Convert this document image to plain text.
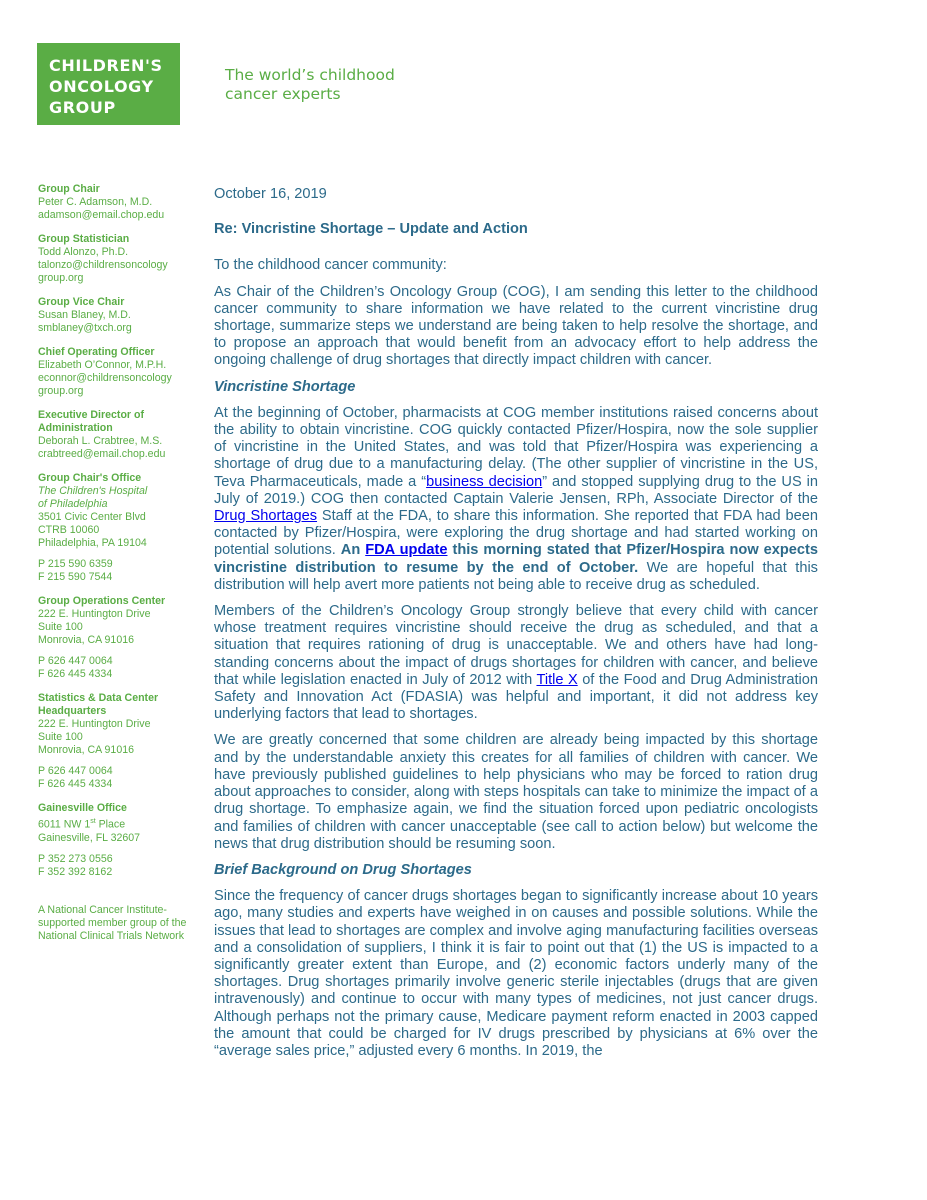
CHILDREN'S
ONCOLOGY
GROUP
The world’s childhood
cancer experts
Group Chair
Peter C. Adamson, M.D.
adamson@email.chop.edu
Group Statistician
Todd Alonzo, Ph.D.
talonzo@childrensoncology
group.org
Group Vice Chair
Susan Blaney, M.D.
smblaney@txch.org
Chief Operating Officer
Elizabeth O’Connor, M.P.H.
econnor@childrensoncology
group.org
Executive Director of
Administration
Deborah L. Crabtree, M.S.
crabtreed@email.chop.edu
Group Chair's Office
The Children's Hospital
of Philadelphia
3501 Civic Center Blvd
CTRB 10060
Philadelphia, PA 19104
P 215 590 6359
F 215 590 7544
Group Operations Center
222 E. Huntington Drive
Suite 100
Monrovia, CA 91016
P 626 447 0064
F 626 445 4334
Statistics & Data Center
Headquarters
222 E. Huntington Drive
Suite 100
Monrovia, CA 91016
P 626 447 0064
F 626 445 4334
Gainesville Office
6011 NW 1st Place
Gainesville, FL 32607
P 352 273 0556
F 352 392 8162
A National Cancer Institute-supported member group of the National Clinical Trials Network
October 16, 2019
Re: Vincristine Shortage – Update and Action
To the childhood cancer community:

As Chair of the Children’s Oncology Group (COG), I am sending this letter to the childhood cancer community to share information we have related to the current vincristine drug shortage, summarize steps we understand are being taken to help resolve the shortage, and to propose an approach that would benefit from an advocacy effort to help address the ongoing challenge of drug shortages that directly impact children with cancer.

Vincristine Shortage

At the beginning of October, pharmacists at COG member institutions raised concerns about the ability to obtain vincristine. COG quickly contacted Pfizer/Hospira, now the sole supplier of vincristine in the United States, and was told that Pfizer/Hospira was experiencing a shortage of drug due to a manufacturing delay. (The other supplier of vincristine in the US, Teva Pharmaceuticals, made a “business decision” and stopped supplying drug to the US in July of 2019.) COG then contacted Captain Valerie Jensen, RPh, Associate Director of the Drug Shortages Staff at the FDA, to share this information. She reported that FDA had been contacted by Pfizer/Hospira, were exploring the drug shortage and had started working on potential solutions. An FDA update this morning stated that Pfizer/Hospira now expects vincristine distribution to resume by the end of October. We are hopeful that this distribution will help avert more patients not being able to receive drug as scheduled.

Members of the Children’s Oncology Group strongly believe that every child with cancer whose treatment requires vincristine should receive the drug as scheduled, and that a situation that requires rationing of drug is unacceptable. We and others have had long-standing concerns about the impact of drugs shortages for children with cancer, and believe that while legislation enacted in July of 2012 with Title X of the Food and Drug Administration Safety and Innovation Act (FDASIA) was helpful and important, it did not address key underlying factors that lead to shortages.

We are greatly concerned that some children are already being impacted by this shortage and by the understandable anxiety this creates for all families of children with cancer. We have previously published guidelines to help physicians who may be forced to ration drug about approaches to consider, along with steps hospitals can take to minimize the impact of a drug shortage. To emphasize again, we find the situation forced upon pediatric oncologists and families of children with cancer unacceptable (see call to action below) but welcome the news that drug distribution should be resuming soon.

Brief Background on Drug Shortages

Since the frequency of cancer drugs shortages began to significantly increase about 10 years ago, many studies and experts have weighed in on causes and possible solutions. While the issues that lead to shortages are complex and involve aging manufacturing facilities overseas and a consolidation of suppliers, I think it is fair to point out that (1) the US is impacted to a significantly greater extent than Europe, and (2) economic factors underly many of the shortages. Drug shortages primarily involve generic sterile injectables (drugs that are given intravenously) and continue to occur with many types of medicines, not just cancer drugs. Although perhaps not the primary cause, Medicare payment reform enacted in 2003 capped the amount that could be charged for IV drugs prescribed by physicians at 6% over the “average sales price,” adjusted every 6 months. In 2019, the
